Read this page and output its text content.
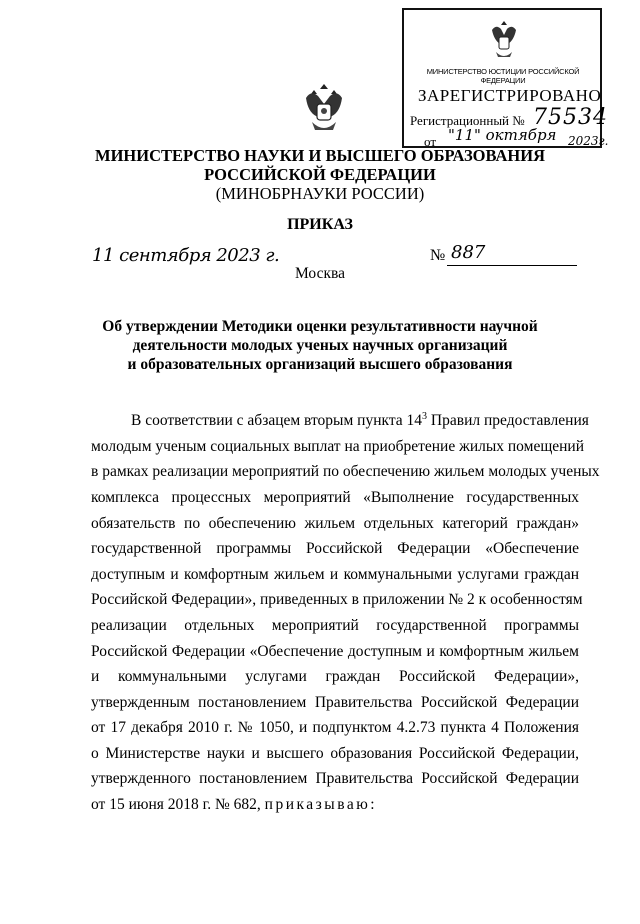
МИНИСТЕРСТВО ЮСТИЦИИ РОССИЙСКОЙ ФЕДЕРАЦИИ
ЗАРЕГИСТРИРОВАНО
Регистрационный № 75534
от "11" октября 2023г.
МИНИСТЕРСТВО НАУКИ И ВЫСШЕГО ОБРАЗОВАНИЯ
РОССИЙСКОЙ ФЕДЕРАЦИИ
(МИНОБРНАУКИ РОССИИ)
ПРИКАЗ
11 сентября 2023 г.	№ 887
Москва
Об утверждении Методики оценки результативности научной
деятельности молодых ученых научных организаций
и образовательных организаций высшего образования
В соответствии с абзацем вторым пункта $14^3$ Правил предоставления
молодым ученым социальных выплат на приобретение жилых помещений
в рамках реализации мероприятий по обеспечению жильем молодых ученых
комплекса процессных мероприятий «Выполнение государственных
обязательств по обеспечению жильем отдельных категорий граждан»
государственной программы Российской Федерации «Обеспечение
доступным и комфортным жильем и коммунальными услугами граждан
Российской Федерации», приведенных в приложении № 2 к особенностям
реализации отдельных мероприятий государственной программы
Российской Федерации «Обеспечение доступным и комфортным жильем
и коммунальными услугами граждан Российской Федерации»,
утвержденным постановлением Правительства Российской Федерации
от 17 декабря 2010 г. № 1050, и подпунктом 4.2.73 пункта 4 Положения
о Министерстве науки и высшего образования Российской Федерации,
утвержденного постановлением Правительства Российской Федерации
от 15 июня 2018 г. № 682, приказываю:
